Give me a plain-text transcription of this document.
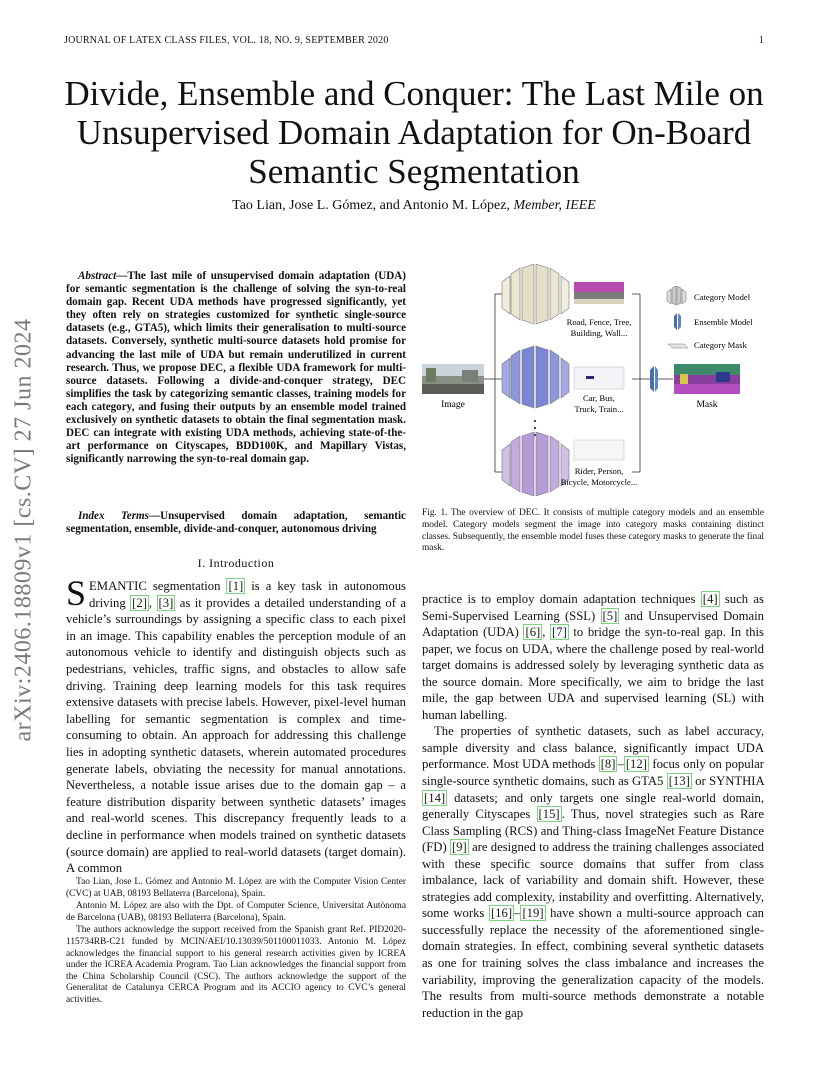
JOURNAL OF LATEX CLASS FILES, VOL. 18, NO. 9, SEPTEMBER 2020	1
Divide, Ensemble and Conquer: The Last Mile on Unsupervised Domain Adaptation for On-Board Semantic Segmentation
Tao Lian, Jose L. Gómez, and Antonio M. López, Member, IEEE
arXiv:2406.18809v1 [cs.CV] 27 Jun 2024
Abstract—The last mile of unsupervised domain adaptation (UDA) for semantic segmentation is the challenge of solving the syn-to-real domain gap. Recent UDA methods have progressed significantly, yet they often rely on strategies customized for synthetic single-source datasets (e.g., GTA5), which limits their generalisation to multi-source datasets. Conversely, synthetic multi-source datasets hold promise for advancing the last mile of UDA but remain underutilized in current research. Thus, we propose DEC, a flexible UDA framework for multi-source datasets. Following a divide-and-conquer strategy, DEC simplifies the task by categorizing semantic classes, training models for each category, and fusing their outputs by an ensemble model trained exclusively on synthetic datasets to obtain the final segmentation mask. DEC can integrate with existing UDA methods, achieving state-of-the-art performance on Cityscapes, BDD100K, and Mapillary Vistas, significantly narrowing the syn-to-real domain gap.
Index Terms—Unsupervised domain adaptation, semantic segmentation, ensemble, divide-and-conquer, autonomous driving
I. Introduction

SEMANTIC segmentation [1] is a key task in autonomous driving [2] , [3] as it provides a detailed understanding of a vehicle’s surroundings by assigning a specific class to each pixel in an image. This capability enables the perception module of an autonomous vehicle to identify and distinguish objects such as pedestrians, vehicles, traffic signs, and obstacles to allow safe driving. Training deep learning models for this task requires extensive datasets with precise labels. However, pixel-level human labelling for semantic segmentation is complex and time-consuming to obtain. An approach for addressing this challenge lies in adopting synthetic datasets, wherein automated procedures generate labels, obviating the necessity for manual annotations. Nevertheless, a notable issue arises due to the domain gap – a feature distribution disparity between synthetic datasets’ images and real-world scenes. This discrepancy frequently leads to a decline in performance when models trained on synthetic datasets (source domain) are applied to real-world datasets (target domain). A common

Tao Lian, Jose L. Gómez and Antonio M. López are with the Computer Vision Center (CVC) at UAB, 08193 Bellaterra (Barcelona), Spain.

Antonio M. López are also with the Dpt. of Computer Science, Universitat Autònoma de Barcelona (UAB), 08193 Bellaterra (Barcelona), Spain.

The authors acknowledge the support received from the Spanish grant Ref. PID2020-115734RB-C21 funded by MCIN/AEI/10.13039/501100011033. Antonio M. López acknowledges the financial support to his general research activities given by ICREA under the ICREA Academia Program. Tao Lian acknowledges the financial support from the China Scholarship Council (CSC). The authors acknowledge the support of the Generalitat de Catalunya CERCA Program and its ACCIO agency to CVC’s general activities.

Image
Road, Fence, Tree,
Building, Wall...
Car, Bus,
Truck, Train...
Rider, Person,
Bicycle, Motorcycle...
Mask
Category Model
Ensemble Model
Category Mask
Fig. 1. The overview of DEC. It consists of multiple category models and an ensemble model. Category models segment the image into category masks containing distinct classes. Subsequently, the ensemble model fuses these category masks to generate the final mask.

practice is to employ domain adaptation techniques [4] such as Semi-Supervised Learning (SSL) [5] and Unsupervised Domain Adaptation (UDA) [6] , [7] to bridge the syn-to-real gap. In this paper, we focus on UDA, where the challenge posed by real-world target domains is addressed solely by leveraging synthetic data as the source domain. More specifically, we aim to bridge the last mile, the gap between UDA and supervised learning (SL) with human labelling.

The properties of synthetic datasets, such as label accuracy, sample diversity and class balance, significantly impact UDA performance. Most UDA methods [8] – [12] focus only on popular single-source synthetic domains, such as GTA5 [13] or SYNTHIA [14] datasets; and only targets one single real-world domain, generally Cityscapes [15] . Thus, novel strategies such as Rare Class Sampling (RCS) and Thing-class ImageNet Feature Distance (FD) [9] are designed to address the training challenges associated with these specific source domains that suffer from class imbalance, lack of variability and domain shift. However, these strategies add complexity, instability and overfitting. Alternatively, some works [16] – [19] have shown a multi-source approach can successfully replace the necessity of the aforementioned single-domain strategies. In effect, combining several synthetic datasets as one for training solves the class imbalance and increases the variability, improving the generalization capacity of the models. The results from multi-source methods demonstrate a notable reduction in the gap
